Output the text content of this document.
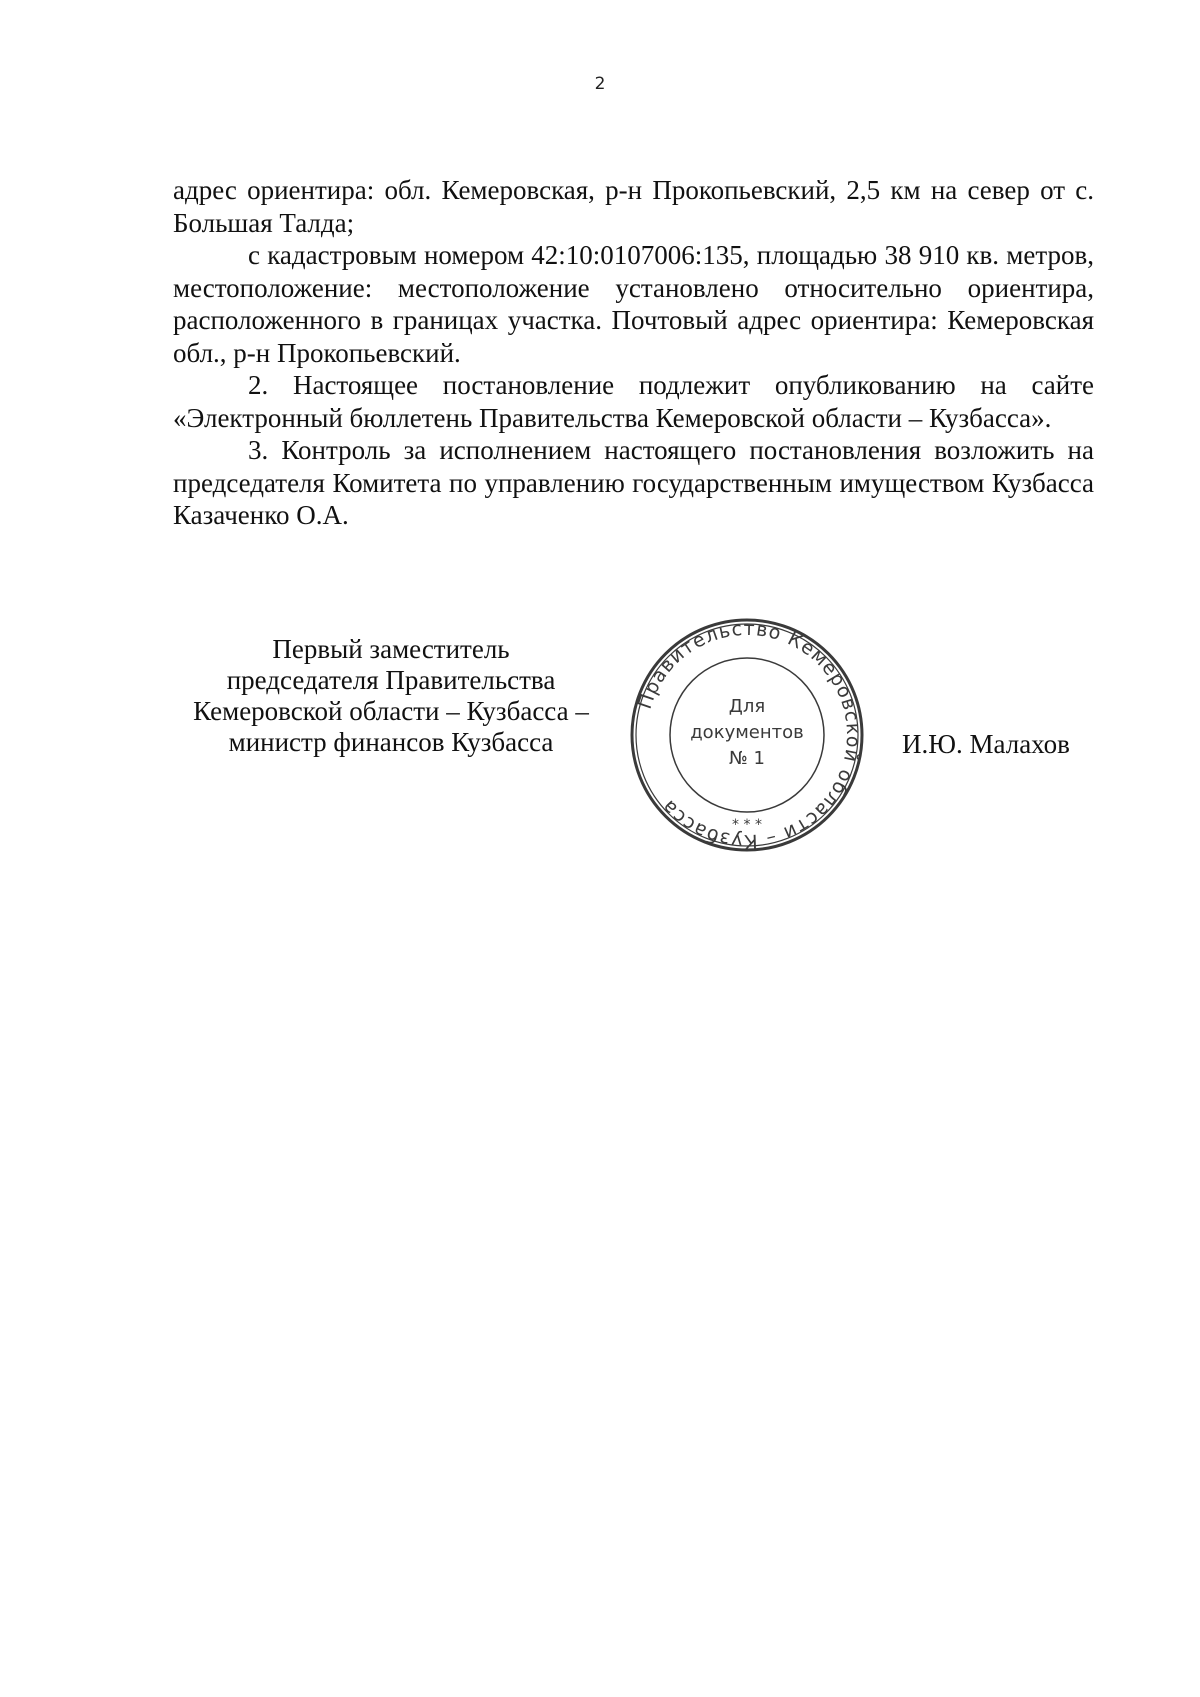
2

адрес ориентира: обл. Кемеровская, р-н Прокопьевский, 2,5 км на север от с. Большая Талда;

с кадастровым номером 42:10:0107006:135, площадью 38 910 кв. метров, местоположение: местоположение установлено относительно ориентира, расположенного в границах участка. Почтовый адрес ориентира: Кемеровская обл., р-н Прокопьевский.

2. Настоящее постановление подлежит опубликованию на сайте «Электронный бюллетень Правительства Кемеровской области – Кузбасса».

3. Контроль за исполнением настоящего постановления возложить на председателя Комитета по управлению государственным имуществом Кузбасса Казаченко О.А.

Первый заместитель
председателя Правительства
Кемеровской области – Кузбасса –
министр финансов Кузбасса
Правительство Кемеровской области – Кузбасса
Для
документов
№ 1
* * *
И.Ю. Малахов
